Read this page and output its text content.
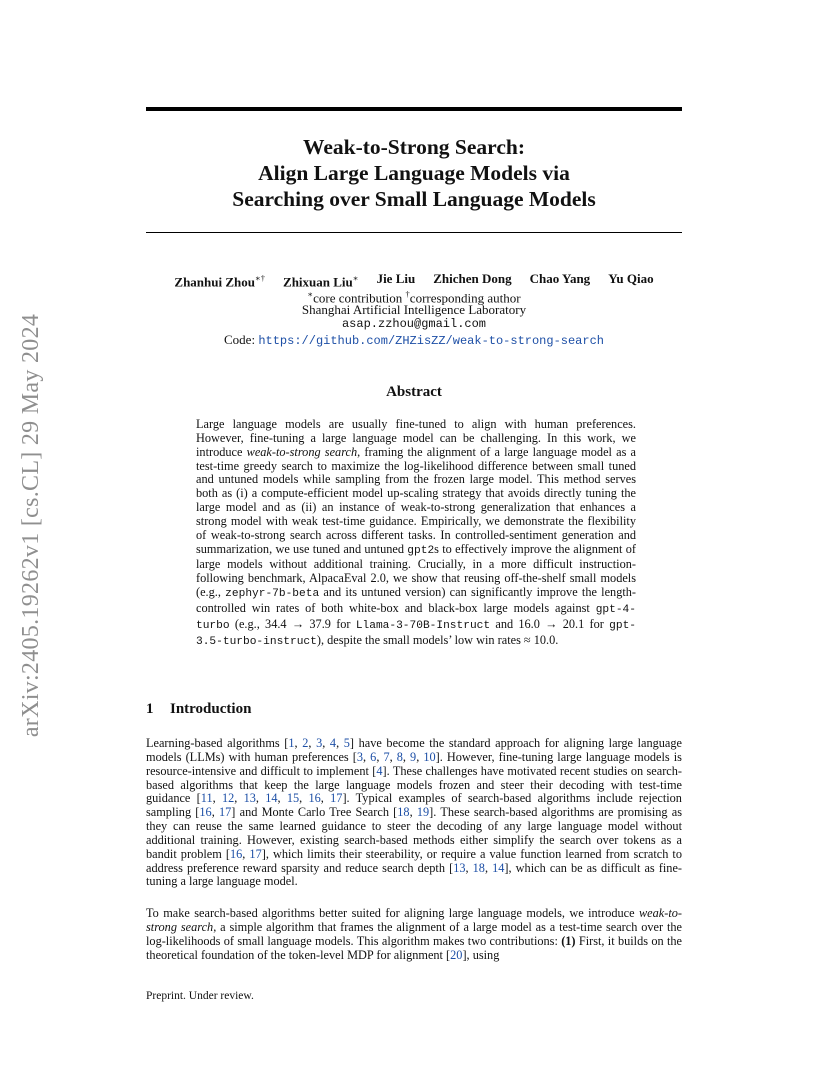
arXiv:2405.19262v1 [cs.CL] 29 May 2024
Weak-to-Strong Search:
Align Large Language Models via
Searching over Small Language Models
Zhanhui Zhou∗† Zhixuan Liu∗ Jie Liu Zhichen Dong Chao Yang Yu Qiao
∗core contribution †corresponding author
Shanghai Artificial Intelligence Laboratory
asap.zzhou@gmail.com
Code: https://github.com/ZHZisZZ/weak-to-strong-search
Abstract
Large language models are usually fine-tuned to align with human preferences. However, fine-tuning a large language model can be challenging. In this work, we introduce weak-to-strong search, framing the alignment of a large language model as a test-time greedy search to maximize the log-likelihood difference between small tuned and untuned models while sampling from the frozen large model. This method serves both as (i) a compute-efficient model up-scaling strategy that avoids directly tuning the large model and as (ii) an instance of weak-to-strong generalization that enhances a strong model with weak test-time guidance. Empirically, we demonstrate the flexibility of weak-to-strong search across different tasks. In controlled-sentiment generation and summarization, we use tuned and untuned gpt2s to effectively improve the alignment of large models without additional training. Crucially, in a more difficult instruction-following benchmark, AlpacaEval 2.0, we show that reusing off-the-shelf small models (e.g., zephyr-7b-beta and its untuned version) can significantly improve the length-controlled win rates of both white-box and black-box large models against gpt-4-turbo (e.g., 34.4 → 37.9 for Llama-3-70B-Instruct and 16.0 → 20.1 for gpt-3.5-turbo-instruct), despite the small models’ low win rates ≈ 10.0.
1 Introduction
Learning-based algorithms [1, 2, 3, 4, 5] have become the standard approach for aligning large language models (LLMs) with human preferences [3, 6, 7, 8, 9, 10]. However, fine-tuning large language models is resource-intensive and difficult to implement [4]. These challenges have motivated recent studies on search-based algorithms that keep the large language models frozen and steer their decoding with test-time guidance [11, 12, 13, 14, 15, 16, 17]. Typical examples of search-based algorithms include rejection sampling [16, 17] and Monte Carlo Tree Search [18, 19]. These search-based algorithms are promising as they can reuse the same learned guidance to steer the decoding of any large language model without additional training. However, existing search-based methods either simplify the search over tokens as a bandit problem [16, 17], which limits their steerability, or require a value function learned from scratch to address preference reward sparsity and reduce search depth [13, 18, 14], which can be as difficult as fine-tuning a large language model.
To make search-based algorithms better suited for aligning large language models, we introduce weak-to-strong search, a simple algorithm that frames the alignment of a large model as a test-time search over the log-likelihoods of small language models. This algorithm makes two contributions: (1) First, it builds on the theoretical foundation of the token-level MDP for alignment [20], using
Preprint. Under review.
